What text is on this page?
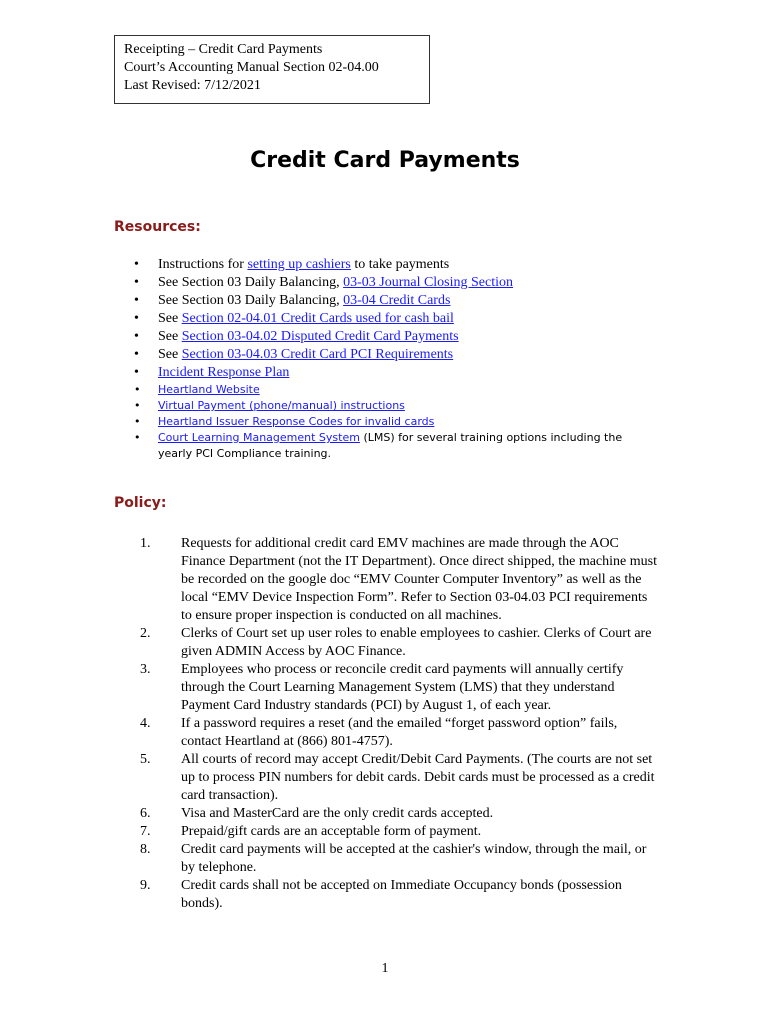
Receipting – Credit Card Payments
Court’s Accounting Manual Section 02-04.00
Last Revised: 7/12/2021
Credit Card Payments
Resources:
• Instructions for setting up cashiers to take payments
• See Section 03 Daily Balancing, 03-03 Journal Closing Section
• See Section 03 Daily Balancing, 03-04 Credit Cards
• See Section 02-04.01 Credit Cards used for cash bail
• See Section 03-04.02 Disputed Credit Card Payments
• See Section 03-04.03 Credit Card PCI Requirements
• Incident Response Plan
• Heartland Website
• Virtual Payment (phone/manual) instructions
• Heartland Issuer Response Codes for invalid cards
• Court Learning Management System (LMS) for several training options including the yearly PCI Compliance training.
Policy:
1. Requests for additional credit card EMV machines are made through the AOC Finance Department (not the IT Department). Once direct shipped, the machine must be recorded on the google doc “EMV Counter Computer Inventory” as well as the local “EMV Device Inspection Form”. Refer to Section 03-04.03 PCI requirements to ensure proper inspection is conducted on all machines.
2. Clerks of Court set up user roles to enable employees to cashier. Clerks of Court are given ADMIN Access by AOC Finance.
3. Employees who process or reconcile credit card payments will annually certify through the Court Learning Management System (LMS) that they understand Payment Card Industry standards (PCI) by August 1, of each year.
4. If a password requires a reset (and the emailed “forget password option” fails, contact Heartland at (866) 801-4757).
5. All courts of record may accept Credit/Debit Card Payments. (The courts are not set up to process PIN numbers for debit cards. Debit cards must be processed as a credit card transaction).
6. Visa and MasterCard are the only credit cards accepted.
7. Prepaid/gift cards are an acceptable form of payment.
8. Credit card payments will be accepted at the cashier's window, through the mail, or by telephone.
9. Credit cards shall not be accepted on Immediate Occupancy bonds (possession bonds).
1
